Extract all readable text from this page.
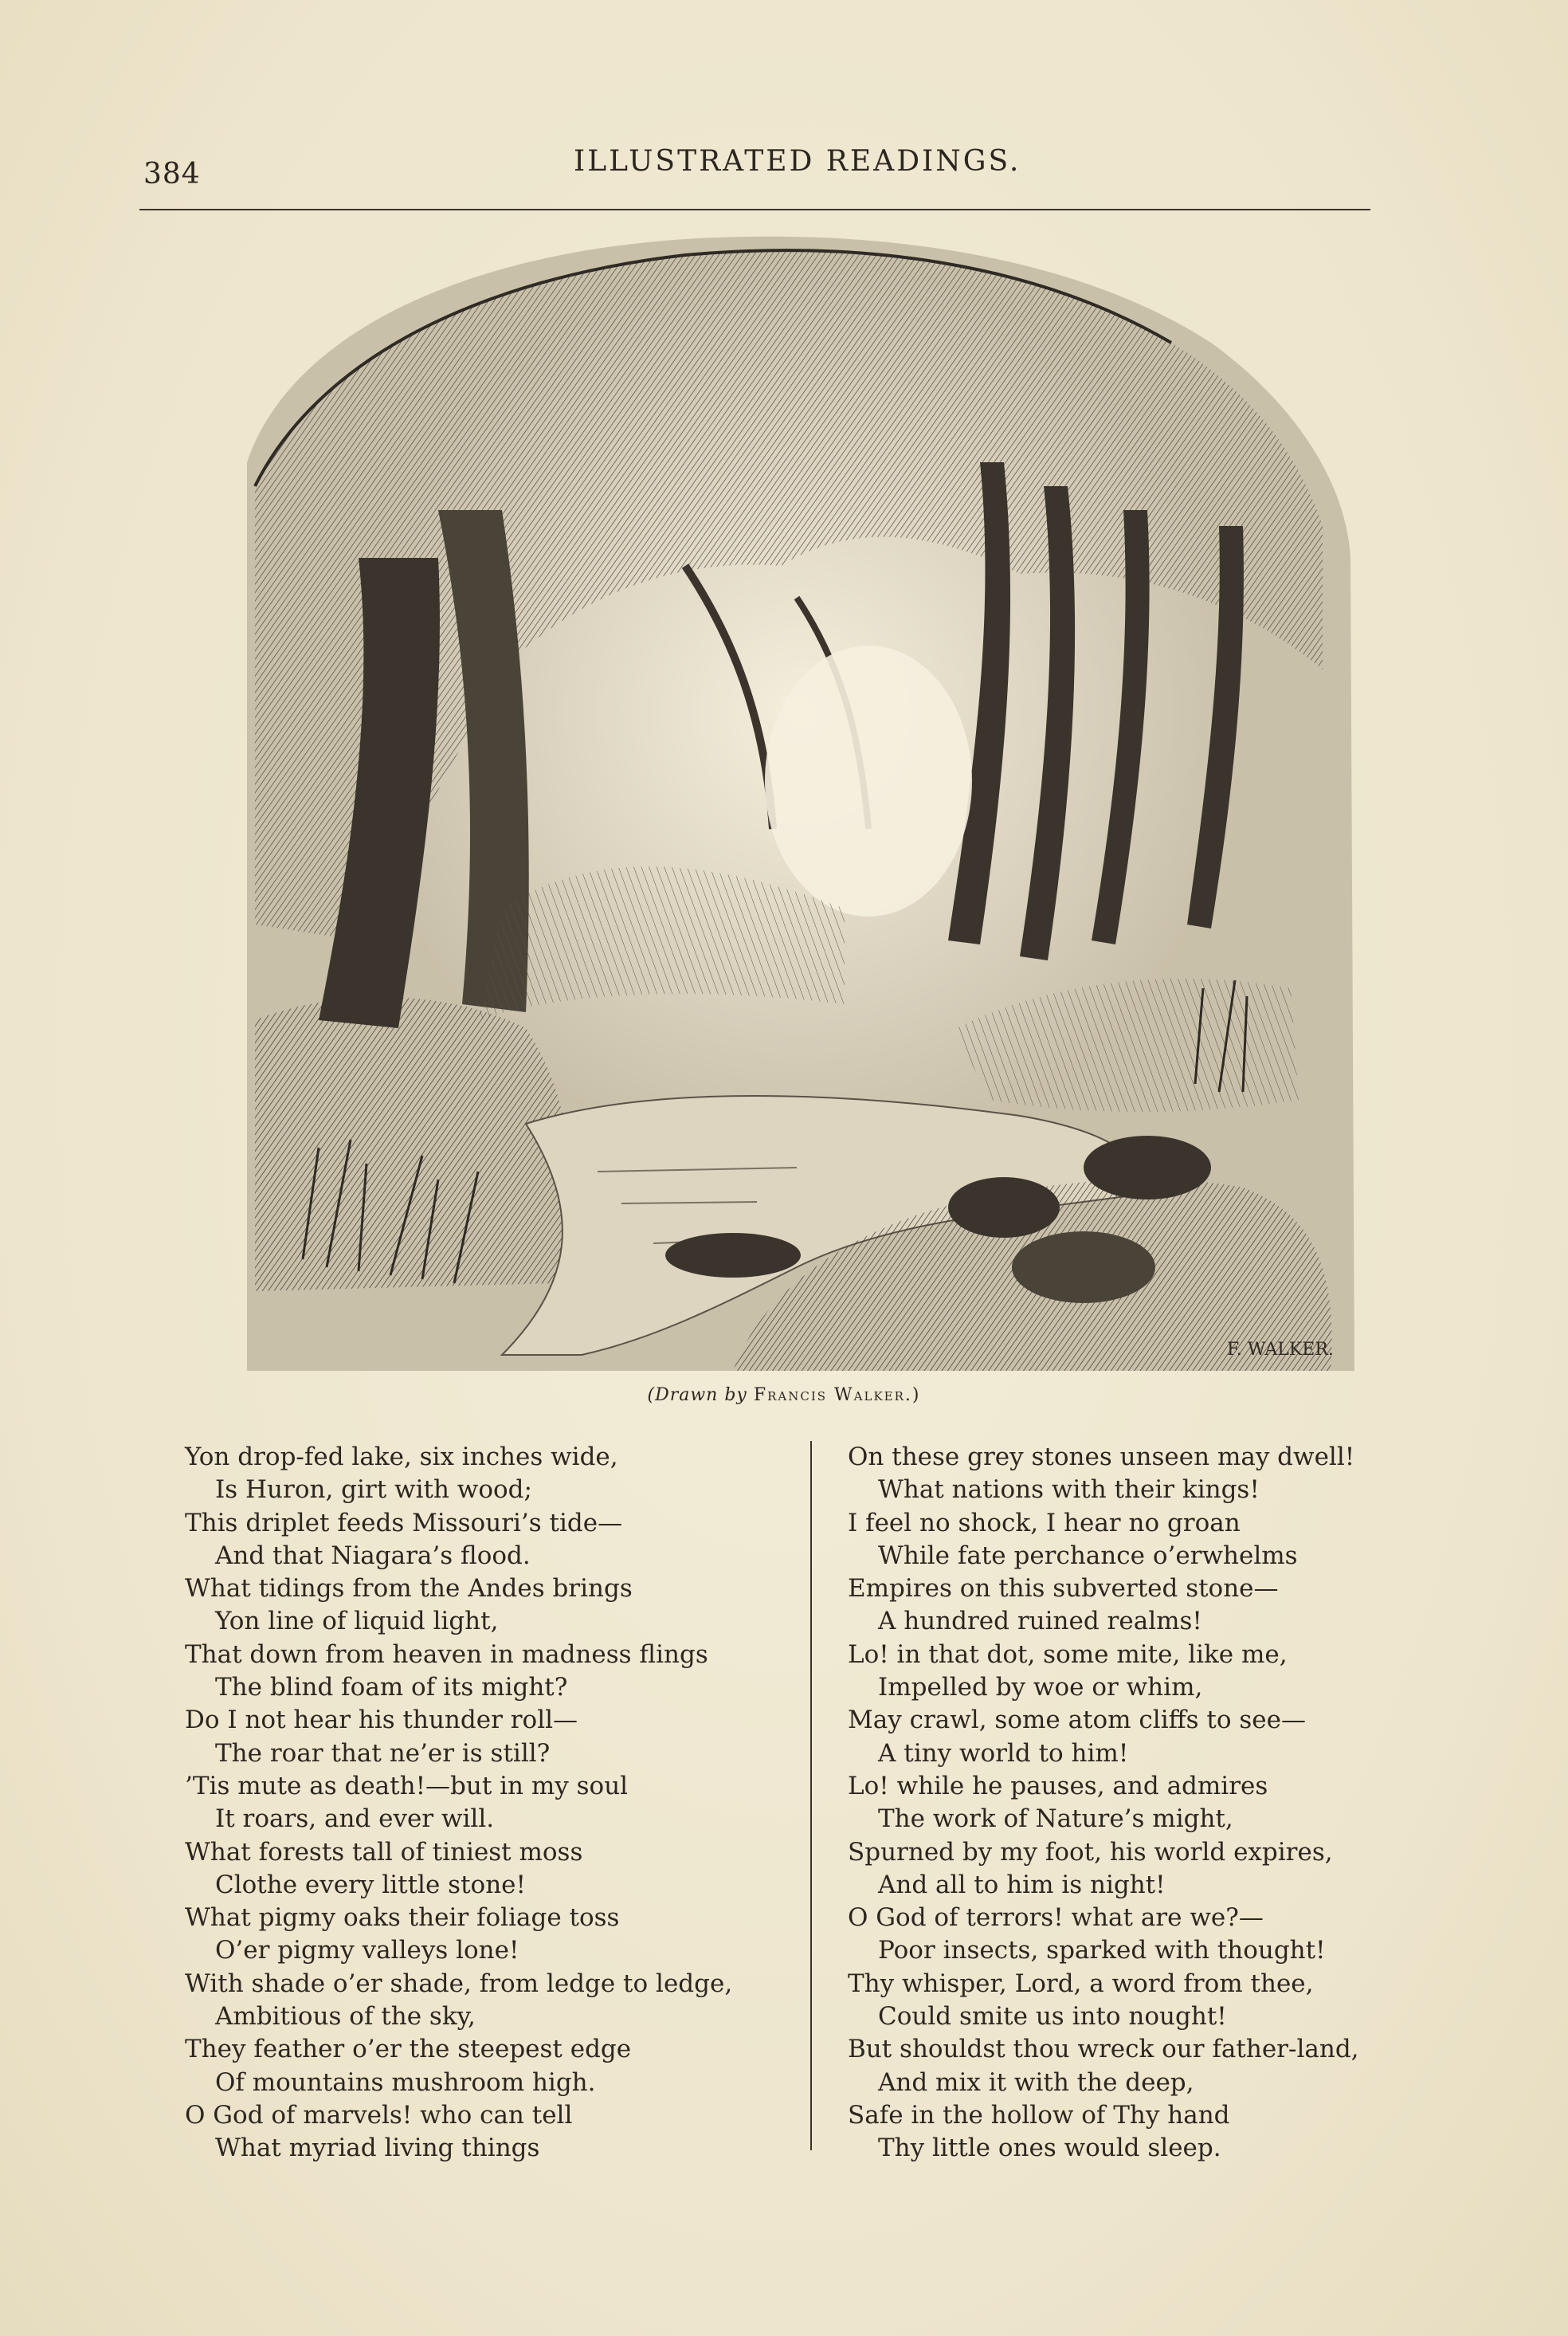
384	ILLUSTRATED READINGS.
F. WALKER.
(Drawn by Francis Walker.)
Yon drop-fed lake, six inches wide,
Is Huron, girt with wood;
This driplet feeds Missouri’s tide—
And that Niagara’s flood.
What tidings from the Andes brings
Yon line of liquid light,
That down from heaven in madness flings
The blind foam of its might?
Do I not hear his thunder roll—
The roar that ne’er is still?
’Tis mute as death!—but in my soul
It roars, and ever will.
What forests tall of tiniest moss
Clothe every little stone!
What pigmy oaks their foliage toss
O’er pigmy valleys lone!
With shade o’er shade, from ledge to ledge,
Ambitious of the sky,
They feather o’er the steepest edge
Of mountains mushroom high.
O God of marvels! who can tell
What myriad living things
On these grey stones unseen may dwell!
What nations with their kings!
I feel no shock, I hear no groan
While fate perchance o’erwhelms
Empires on this subverted stone—
A hundred ruined realms!
Lo! in that dot, some mite, like me,
Impelled by woe or whim,
May crawl, some atom cliffs to see—
A tiny world to him!
Lo! while he pauses, and admires
The work of Nature’s might,
Spurned by my foot, his world expires,
And all to him is night!
O God of terrors! what are we?—
Poor insects, sparked with thought!
Thy whisper, Lord, a word from thee,
Could smite us into nought!
But shouldst thou wreck our father-land,
And mix it with the deep,
Safe in the hollow of Thy hand
Thy little ones would sleep.
